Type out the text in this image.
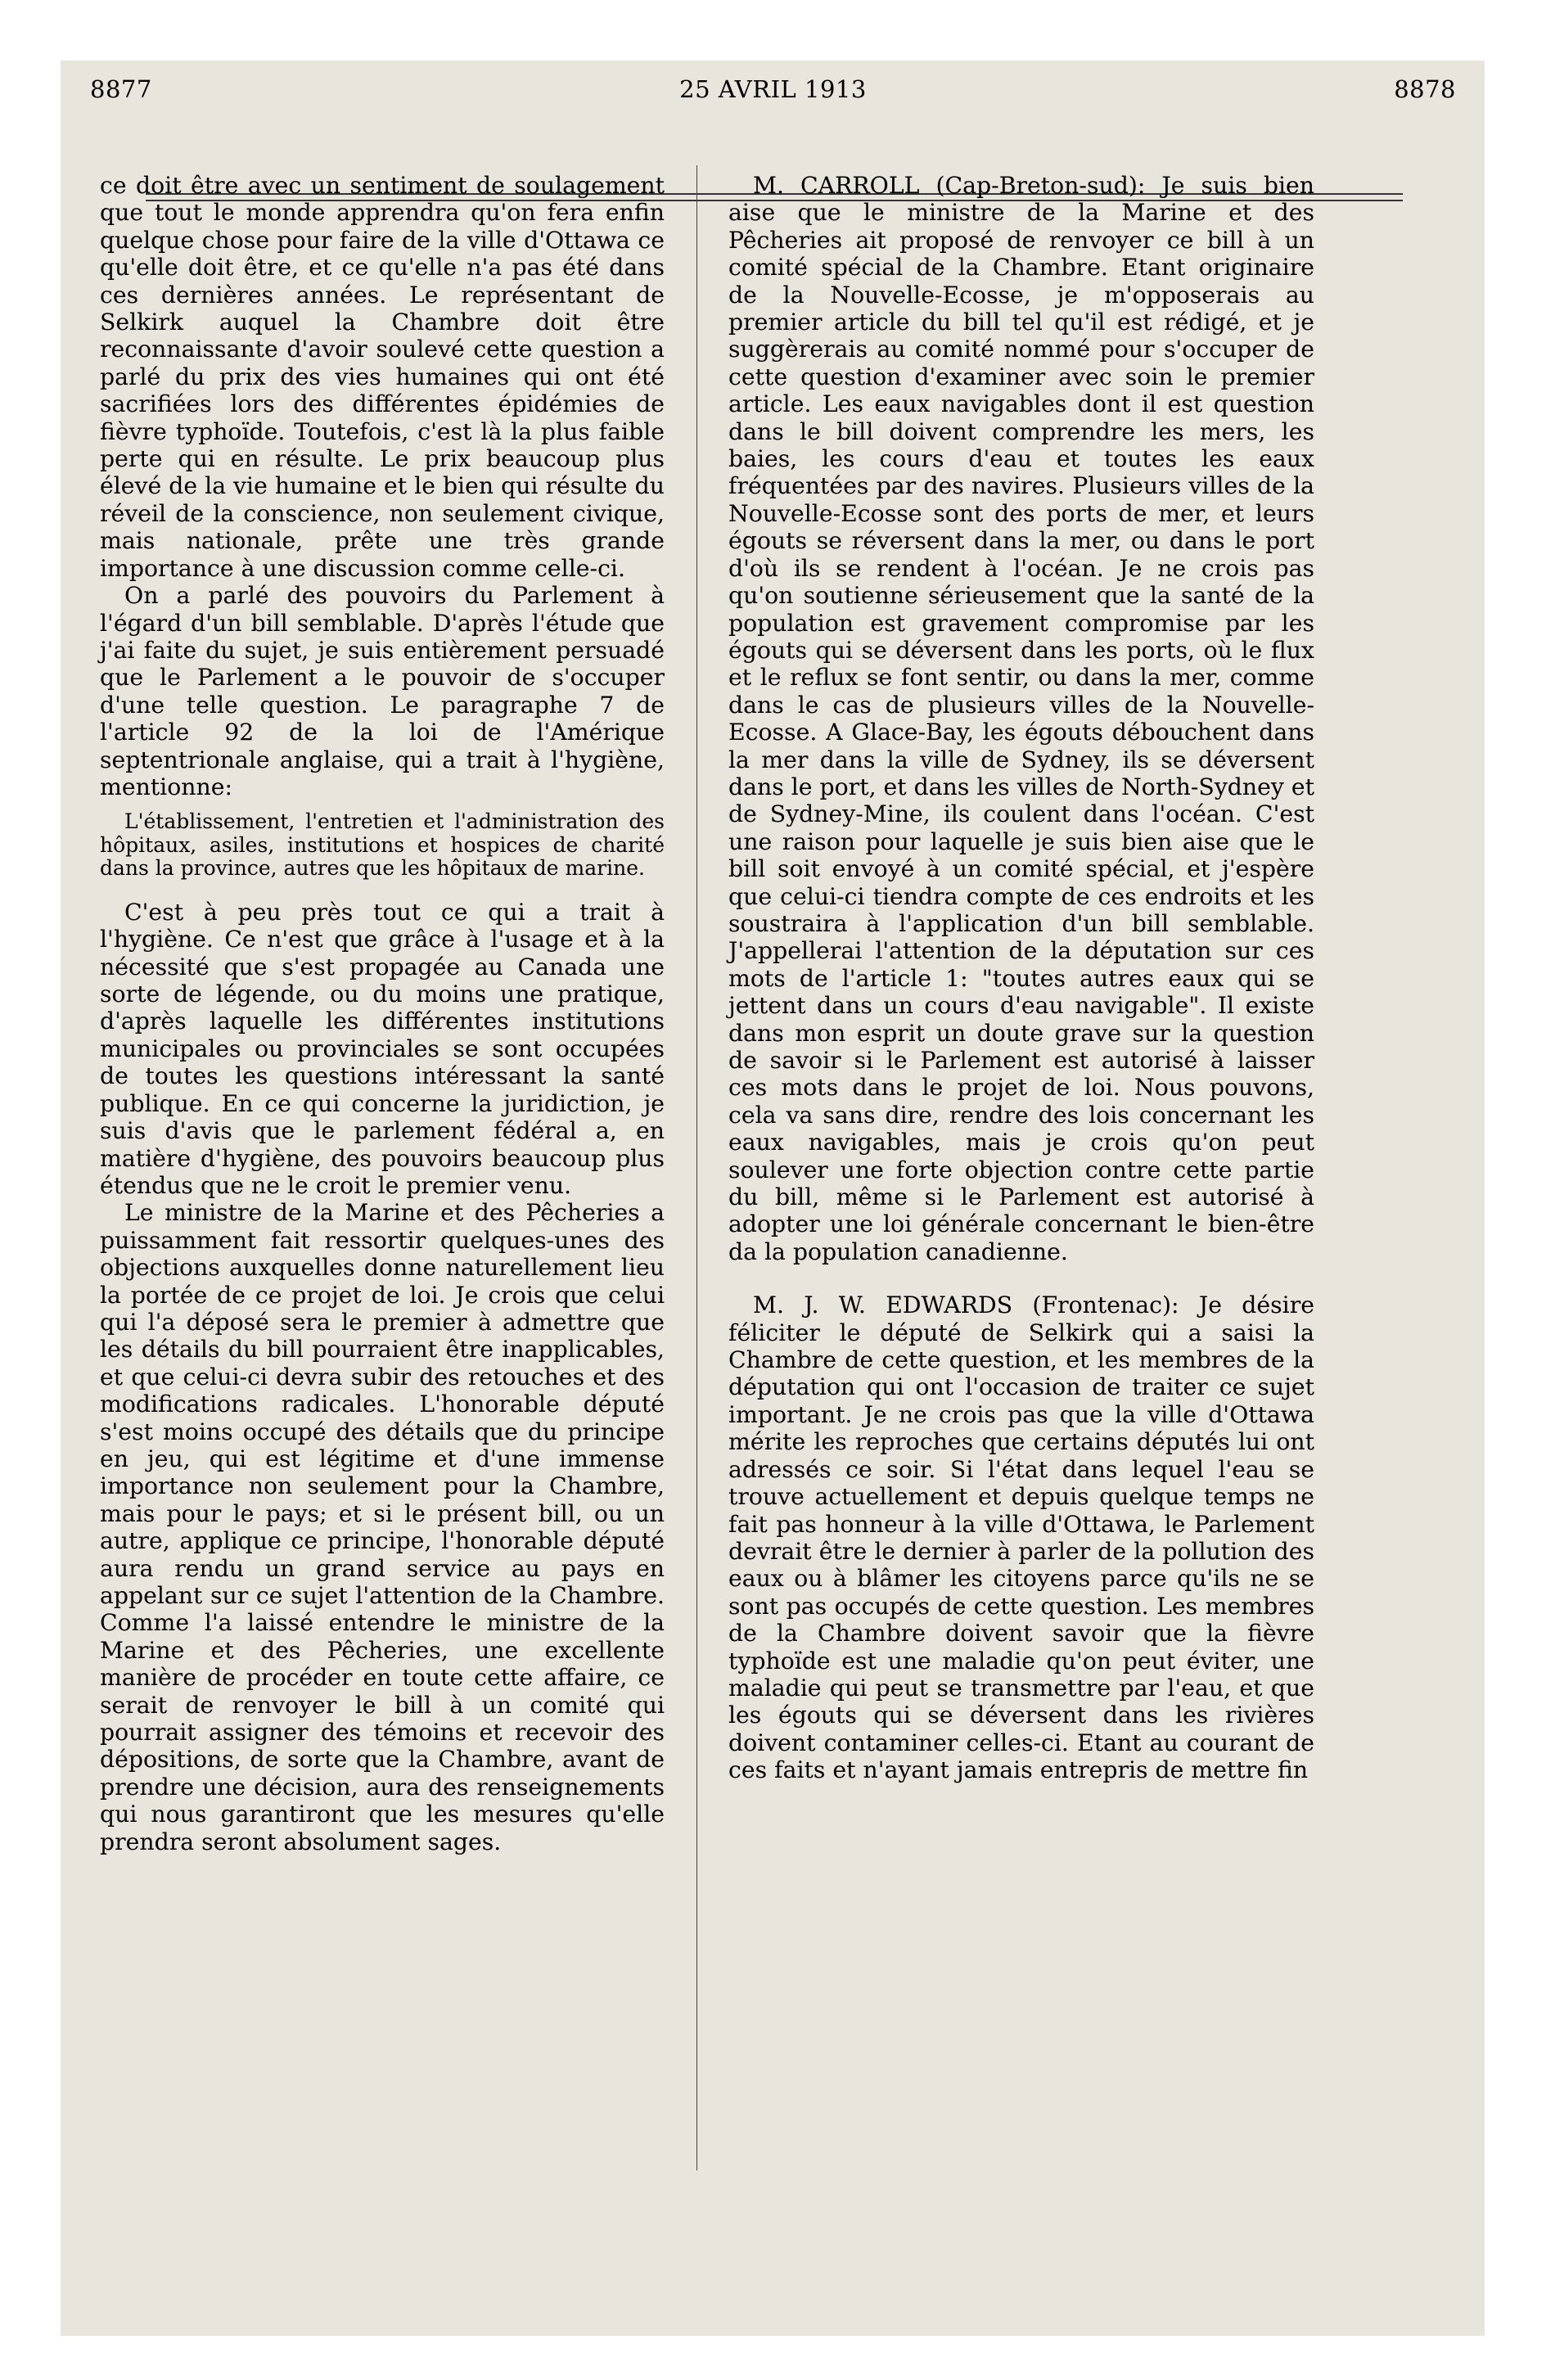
8877	25 AVRIL 1913	8878

ce doit être avec un sentiment de soulagement que tout le monde apprendra qu'on fera enfin quelque chose pour faire de la ville d'Ottawa ce qu'elle doit être, et ce qu'elle n'a pas été dans ces dernières années. Le représentant de Selkirk auquel la Chambre doit être reconnaissante d'avoir soulevé cette question a parlé du prix des vies humaines qui ont été sacrifiées lors des différentes épidémies de fièvre typhoïde. Toutefois, c'est là la plus faible perte qui en résulte. Le prix beaucoup plus élevé de la vie humaine et le bien qui résulte du réveil de la conscience, non seulement civique, mais nationale, prête une très grande importance à une discussion comme celle-ci.

On a parlé des pouvoirs du Parlement à l'égard d'un bill semblable. D'après l'étude que j'ai faite du sujet, je suis entièrement persuadé que le Parlement a le pouvoir de s'occuper d'une telle question. Le paragraphe 7 de l'article 92 de la loi de l'Amérique septentrionale anglaise, qui a trait à l'hygiène, mentionne:

L'établissement, l'entretien et l'administration des hôpitaux, asiles, institutions et hospices de charité dans la province, autres que les hôpitaux de marine.

C'est à peu près tout ce qui a trait à l'hygiène. Ce n'est que grâce à l'usage et à la nécessité que s'est propagée au Canada une sorte de légende, ou du moins une pratique, d'après laquelle les différentes institutions municipales ou provinciales se sont occupées de toutes les questions intéressant la santé publique. En ce qui concerne la juridiction, je suis d'avis que le parlement fédéral a, en matière d'hygiène, des pouvoirs beaucoup plus étendus que ne le croit le premier venu.

Le ministre de la Marine et des Pêcheries a puissamment fait ressortir quelques-unes des objections auxquelles donne naturellement lieu la portée de ce projet de loi. Je crois que celui qui l'a déposé sera le premier à admettre que les détails du bill pourraient être inapplicables, et que celui-ci devra subir des retouches et des modifications radicales. L'honorable député s'est moins occupé des détails que du principe en jeu, qui est légitime et d'une immense importance non seulement pour la Chambre, mais pour le pays; et si le présent bill, ou un autre, applique ce principe, l'honorable député aura rendu un grand service au pays en appelant sur ce sujet l'attention de la Chambre. Comme l'a laissé entendre le ministre de la Marine et des Pêcheries, une excellente manière de procéder en toute cette affaire, ce serait de renvoyer le bill à un comité qui pourrait assigner des témoins et recevoir des dépositions, de sorte que la Chambre, avant de prendre une décision, aura des renseignements qui nous garantiront que les mesures qu'elle prendra seront absolument sages.

M. CARROLL (Cap-Breton-sud): Je suis bien aise que le ministre de la Marine et des Pêcheries ait proposé de renvoyer ce bill à un comité spécial de la Chambre. Etant originaire de la Nouvelle-Ecosse, je m'opposerais au premier article du bill tel qu'il est rédigé, et je suggèrerais au comité nommé pour s'occuper de cette question d'examiner avec soin le premier article. Les eaux navigables dont il est question dans le bill doivent comprendre les mers, les baies, les cours d'eau et toutes les eaux fréquentées par des navires. Plusieurs villes de la Nouvelle-Ecosse sont des ports de mer, et leurs égouts se réversent dans la mer, ou dans le port d'où ils se rendent à l'océan. Je ne crois pas qu'on soutienne sérieusement que la santé de la population est gravement compromise par les égouts qui se déversent dans les ports, où le flux et le reflux se font sentir, ou dans la mer, comme dans le cas de plusieurs villes de la Nouvelle-Ecosse. A Glace-Bay, les égouts débouchent dans la mer dans la ville de Sydney, ils se déversent dans le port, et dans les villes de North-Sydney et de Sydney-Mine, ils coulent dans l'océan. C'est une raison pour laquelle je suis bien aise que le bill soit envoyé à un comité spécial, et j'espère que celui-ci tiendra compte de ces endroits et les soustraira à l'application d'un bill semblable. J'appellerai l'attention de la députation sur ces mots de l'article 1: "toutes autres eaux qui se jettent dans un cours d'eau navigable". Il existe dans mon esprit un doute grave sur la question de savoir si le Parlement est autorisé à laisser ces mots dans le projet de loi. Nous pouvons, cela va sans dire, rendre des lois concernant les eaux navigables, mais je crois qu'on peut soulever une forte objection contre cette partie du bill, même si le Parlement est autorisé à adopter une loi générale concernant le bien-être da la population canadienne.

M. J. W. EDWARDS (Frontenac): Je désire féliciter le député de Selkirk qui a saisi la Chambre de cette question, et les membres de la députation qui ont l'occasion de traiter ce sujet important. Je ne crois pas que la ville d'Ottawa mérite les reproches que certains députés lui ont adressés ce soir. Si l'état dans lequel l'eau se trouve actuellement et depuis quelque temps ne fait pas honneur à la ville d'Ottawa, le Parlement devrait être le dernier à parler de la pollution des eaux ou à blâmer les citoyens parce qu'ils ne se sont pas occupés de cette question. Les membres de la Chambre doivent savoir que la fièvre typhoïde est une maladie qu'on peut éviter, une maladie qui peut se transmettre par l'eau, et que les égouts qui se déversent dans les rivières doivent contaminer celles-ci. Etant au courant de ces faits et n'ayant jamais entrepris de mettre fin
